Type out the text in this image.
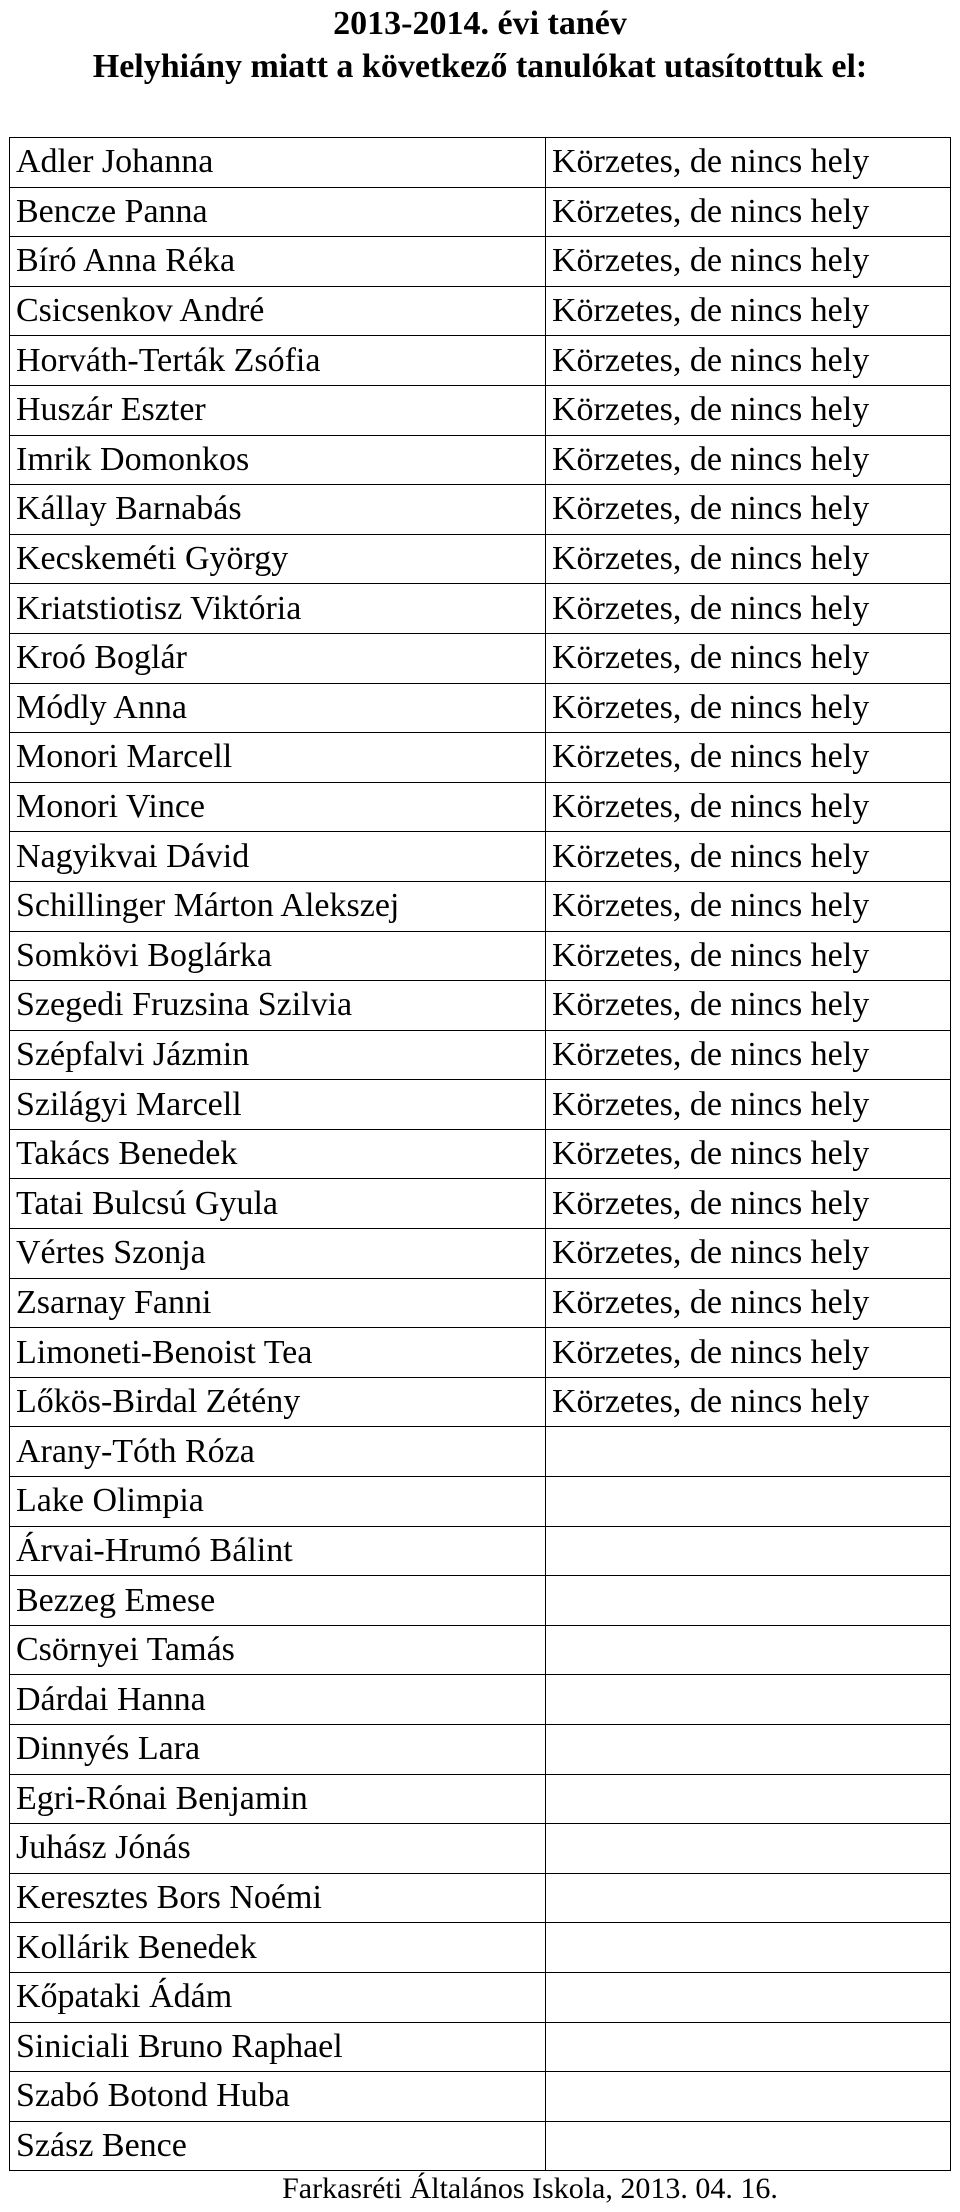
2013-2014. évi tanév
Helyhiány miatt a következő tanulókat utasítottuk el:
Adler Johanna	Körzetes, de nincs hely
Bencze Panna	Körzetes, de nincs hely
Bíró Anna Réka	Körzetes, de nincs hely
Csicsenkov André	Körzetes, de nincs hely
Horváth-Terták Zsófia	Körzetes, de nincs hely
Huszár Eszter	Körzetes, de nincs hely
Imrik Domonkos	Körzetes, de nincs hely
Kállay Barnabás	Körzetes, de nincs hely
Kecskeméti György	Körzetes, de nincs hely
Kriatstiotisz Viktória	Körzetes, de nincs hely
Kroó Boglár	Körzetes, de nincs hely
Módly Anna	Körzetes, de nincs hely
Monori Marcell	Körzetes, de nincs hely
Monori Vince	Körzetes, de nincs hely
Nagyikvai Dávid	Körzetes, de nincs hely
Schillinger Márton Alekszej	Körzetes, de nincs hely
Somkövi Boglárka	Körzetes, de nincs hely
Szegedi Fruzsina Szilvia	Körzetes, de nincs hely
Szépfalvi Jázmin	Körzetes, de nincs hely
Szilágyi Marcell	Körzetes, de nincs hely
Takács Benedek	Körzetes, de nincs hely
Tatai Bulcsú Gyula	Körzetes, de nincs hely
Vértes Szonja	Körzetes, de nincs hely
Zsarnay Fanni	Körzetes, de nincs hely
Limoneti-Benoist Tea	Körzetes, de nincs hely
Lőkös-Birdal Zétény	Körzetes, de nincs hely
Arany-Tóth Róza	
Lake Olimpia	
Árvai-Hrumó Bálint	
Bezzeg Emese	
Csörnyei Tamás	
Dárdai Hanna	
Dinnyés Lara	
Egri-Rónai Benjamin	
Juhász Jónás	
Keresztes Bors Noémi	
Kollárik Benedek	
Kőpataki Ádám	
Siniciali Bruno Raphael	
Szabó Botond Huba	
Szász Bence	
Farkasréti Általános Iskola, 2013. 04. 16.
